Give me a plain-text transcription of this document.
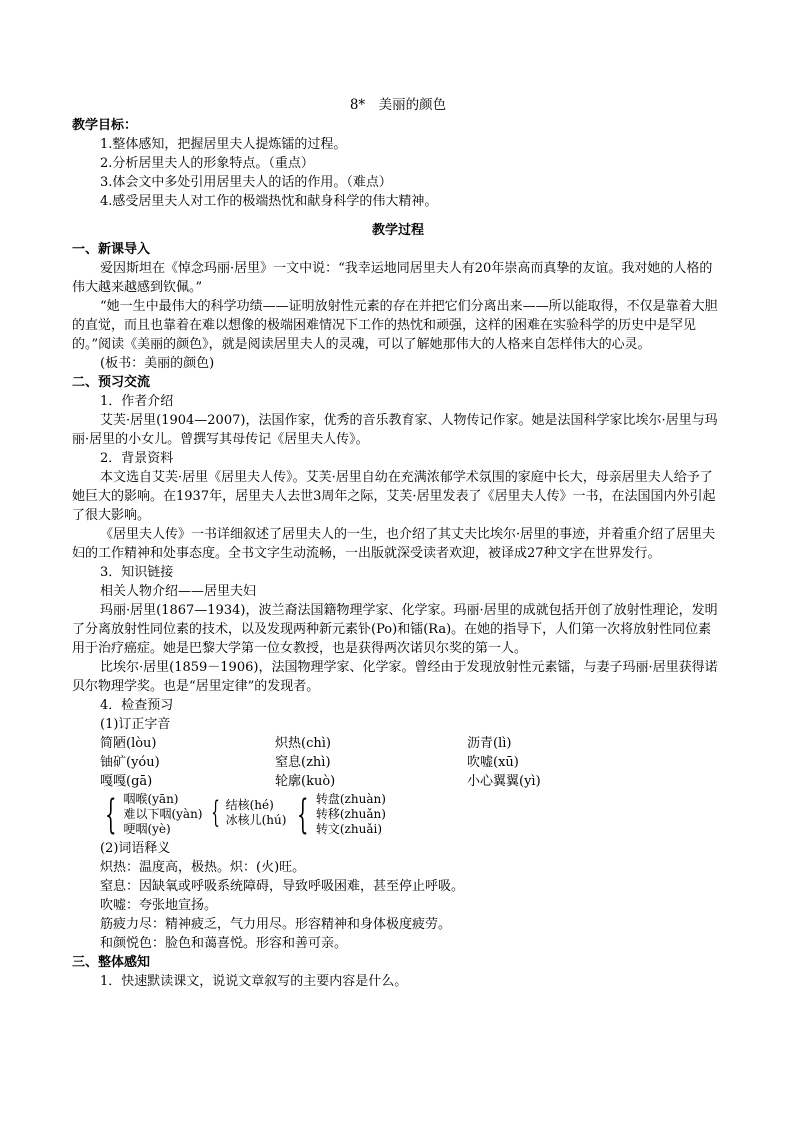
8*　美丽的颜色

教学目标：

1.整体感知，把握居里夫人提炼镭的过程。

2.分析居里夫人的形象特点。（重点）

3.体会文中多处引用居里夫人的话的作用。（难点）

4.感受居里夫人对工作的极端热忱和献身科学的伟大精神。

教学过程

一、新课导入

爱因斯坦在《悼念玛丽·居里》一文中说：“我幸运地同居里夫人有20年崇高而真挚的友谊。我对她的人格的伟大越来越感到钦佩。”

“她一生中最伟大的科学功绩——证明放射性元素的存在并把它们分离出来——所以能取得，不仅是靠着大胆的直觉，而且也靠着在难以想像的极端困难情况下工作的热忱和顽强，这样的困难在实验科学的历史中是罕见的。”阅读《美丽的颜色》，就是阅读居里夫人的灵魂，可以了解她那伟大的人格来自怎样伟大的心灵。

(板书：美丽的颜色)

二、预习交流

1．作者介绍

艾芙·居里(1904—2007)，法国作家，优秀的音乐教育家、人物传记作家。她是法国科学家比埃尔·居里与玛丽·居里的小女儿。曾撰写其母传记《居里夫人传》。

2．背景资料

本文选自艾芙·居里《居里夫人传》。艾芙·居里自幼在充满浓郁学术氛围的家庭中长大，母亲居里夫人给予了她巨大的影响。在1937年，居里夫人去世3周年之际，艾芙·居里发表了《居里夫人传》一书，在法国国内外引起了很大影响。

《居里夫人传》一书详细叙述了居里夫人的一生，也介绍了其丈夫比埃尔·居里的事迹，并着重介绍了居里夫妇的工作精神和处事态度。全书文字生动流畅，一出版就深受读者欢迎，被译成27种文字在世界发行。

3．知识链接

相关人物介绍——居里夫妇

玛丽·居里(1867—1934)，波兰裔法国籍物理学家、化学家。玛丽·居里的成就包括开创了放射性理论，发明了分离放射性同位素的技术，以及发现两种新元素钋(Po)和镭(Ra)。在她的指导下，人们第一次将放射性同位素用于治疗癌症。她是巴黎大学第一位女教授，也是获得两次诺贝尔奖的第一人。

比埃尔·居里(1859－1906)，法国物理学家、化学家。曾经由于发现放射性元素镭，与妻子玛丽·居里获得诺贝尔物理学奖。也是“居里定律”的发现者。

4．检查预习

(1)订正字音

简陋(lòu)	炽热(chì)	沥青(lì)
铀矿(yóu)	窒息(zhì)	吹嘘(xū)
嘎嘎(gā)	轮廓(kuò)	小心翼翼(yì)
{ 咽喉(yān)
难以下咽(yàn)
哽咽(yè)	{ 结核(hé)
冰核儿(hú) { 转盘(zhuàn)
转移(zhuǎn)
转文(zhuǎi)

(2)词语释义

炽热：温度高，极热。炽：(火)旺。

窒息：因缺氧或呼吸系统障碍，导致呼吸困难，甚至停止呼吸。

吹嘘：夸张地宣扬。

筋疲力尽：精神疲乏，气力用尽。形容精神和身体极度疲劳。

和颜悦色：脸色和蔼喜悦。形容和善可亲。

三、整体感知

1．快速默读课文，说说文章叙写的主要内容是什么。
